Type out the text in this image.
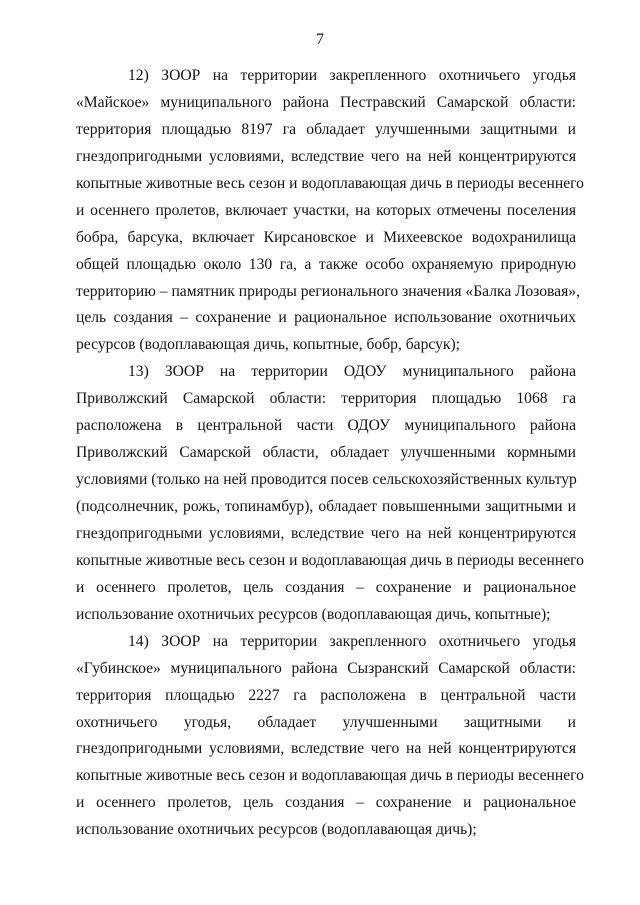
7
12) ЗООР на территории закрепленного охотничьего угодья
«Майское» муниципального района Пестравский Самарской области:
территория площадью 8197 га обладает улучшенными защитными и
гнездопригодными условиями, вследствие чего на ней концентрируются
копытные животные весь сезон и водоплавающая дичь в периоды весеннего
и осеннего пролетов, включает участки, на которых отмечены поселения
бобра, барсука, включает Кирсановское и Михеевское водохранилища
общей площадью около 130 га, а также особо охраняемую природную
территорию – памятник природы регионального значения «Балка Лозовая»,
цель создания – сохранение и рациональное использование охотничьих
ресурсов (водоплавающая дичь, копытные, бобр, барсук);
13) ЗООР на территории ОДОУ муниципального района
Приволжский Самарской области: территория площадью 1068 га
расположена в центральной части ОДОУ муниципального района
Приволжский Самарской области, обладает улучшенными кормными
условиями (только на ней проводится посев сельскохозяйственных культур
(подсолнечник, рожь, топинамбур), обладает повышенными защитными и
гнездопригодными условиями, вследствие чего на ней концентрируются
копытные животные весь сезон и водоплавающая дичь в периоды весеннего
и осеннего пролетов, цель создания – сохранение и рациональное
использование охотничьих ресурсов (водоплавающая дичь, копытные);
14) ЗООР на территории закрепленного охотничьего угодья
«Губинское» муниципального района Сызранский Самарской области:
территория площадью 2227 га расположена в центральной части
охотничьего угодья, обладает улучшенными защитными и
гнездопригодными условиями, вследствие чего на ней концентрируются
копытные животные весь сезон и водоплавающая дичь в периоды весеннего
и осеннего пролетов, цель создания – сохранение и рациональное
использование охотничьих ресурсов (водоплавающая дичь);
